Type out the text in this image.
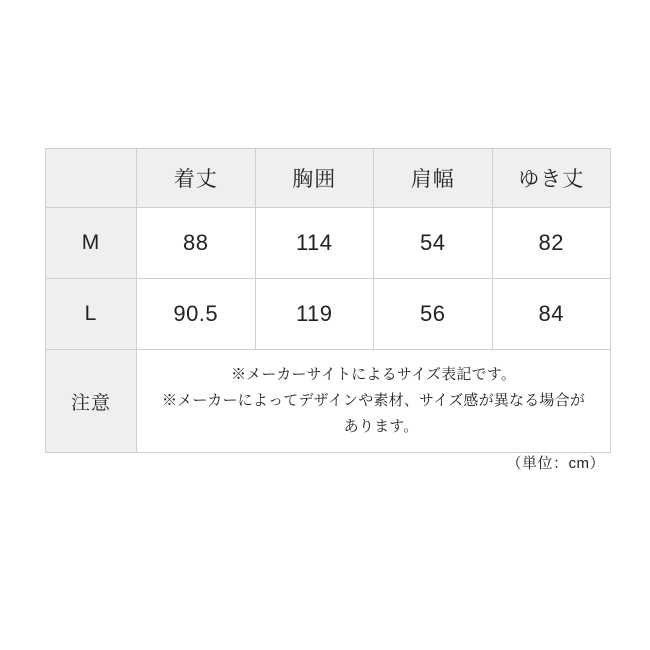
	着丈	胸囲	肩幅	ゆき丈
M	88	114	54	82
L	90.5	119	56	84
注意	※メーカーサイトによるサイズ表記です。

※メーカーによってデザインや素材、サイズ感が異なる場合が

　あります。			

（単位：cm）
